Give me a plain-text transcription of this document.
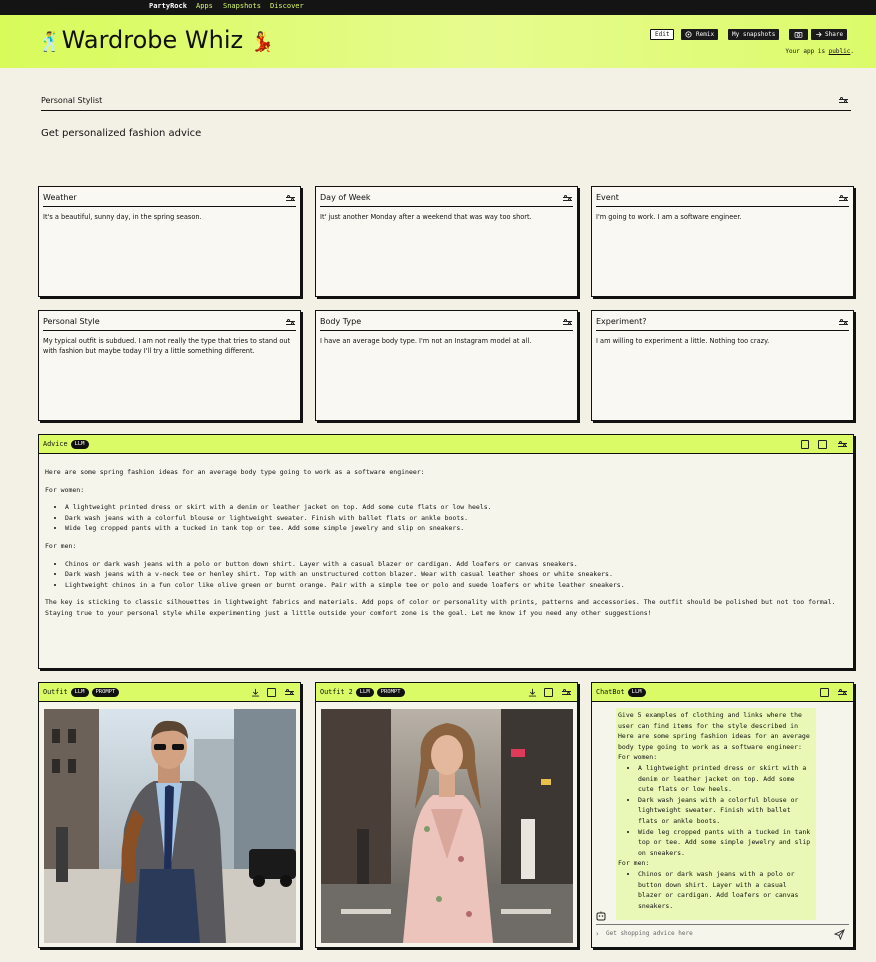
PartyRock Apps Snapshots Discover
🕺Wardrobe Whiz 💃	Edit	Remix	My snapshots	Share
Your app is public.
Personal Stylist
Get personalized fashion advice
Weather
It's a beautiful, sunny day, in the spring season.
Day of Week
It' just another Monday after a weekend that was way too short.
Event
I'm going to work. I am a software engineer.
Personal Style
My typical outfit is subdued. I am not really the type that tries to stand out with fashion but maybe today I'll try a little something different.
Body Type
I have an average body type. I'm not an Instagram model at all.
Experiment?
I am willing to experiment a little. Nothing too crazy.
Advice LLM

Here are some spring fashion ideas for an average body type going to work as a software engineer:

For women:

• A lightweight printed dress or skirt with a denim or leather jacket on top. Add some cute flats or low heels.
• Dark wash jeans with a colorful blouse or lightweight sweater. Finish with ballet flats or ankle boots.
• Wide leg cropped pants with a tucked in tank top or tee. Add some simple jewelry and slip on sneakers.

For men:

• Chinos or dark wash jeans with a polo or button down shirt. Layer with a casual blazer or cardigan. Add loafers or canvas sneakers.
• Dark wash jeans with a v-neck tee or henley shirt. Top with an unstructured cotton blazer. Wear with casual leather shoes or white sneakers.
• Lightweight chinos in a fun color like olive green or burnt orange. Pair with a simple tee or polo and suede loafers or white leather sneakers.

The key is sticking to classic silhouettes in lightweight fabrics and materials. Add pops of color or personality with prints, patterns and accessories. The outfit should be polished but not too formal. Staying true to your personal style while experimenting just a little outside your comfort zone is the goal. Let me know if you need any other suggestions!

Outfit LLM PROMPT	Outfit 2 LLM PROMPT	ChatBot LLM
Give 5 examples of clothing and links where the user can find items for the style described in Here are some spring fashion ideas for an average body type going to work as a software engineer:
For women:
• A lightweight printed dress or skirt with a denim or leather jacket on top. Add some cute flats or low heels.
• Dark wash jeans with a colorful blouse or lightweight sweater. Finish with ballet flats or ankle boots.
• Wide leg cropped pants with a tucked in tank top or tee. Add some simple jewelry and slip on sneakers.
For men:
• Chinos or dark wash jeans with a polo or button down shirt. Layer with a casual blazer or cardigan. Add loafers or canvas sneakers.
› Get shopping advice here
